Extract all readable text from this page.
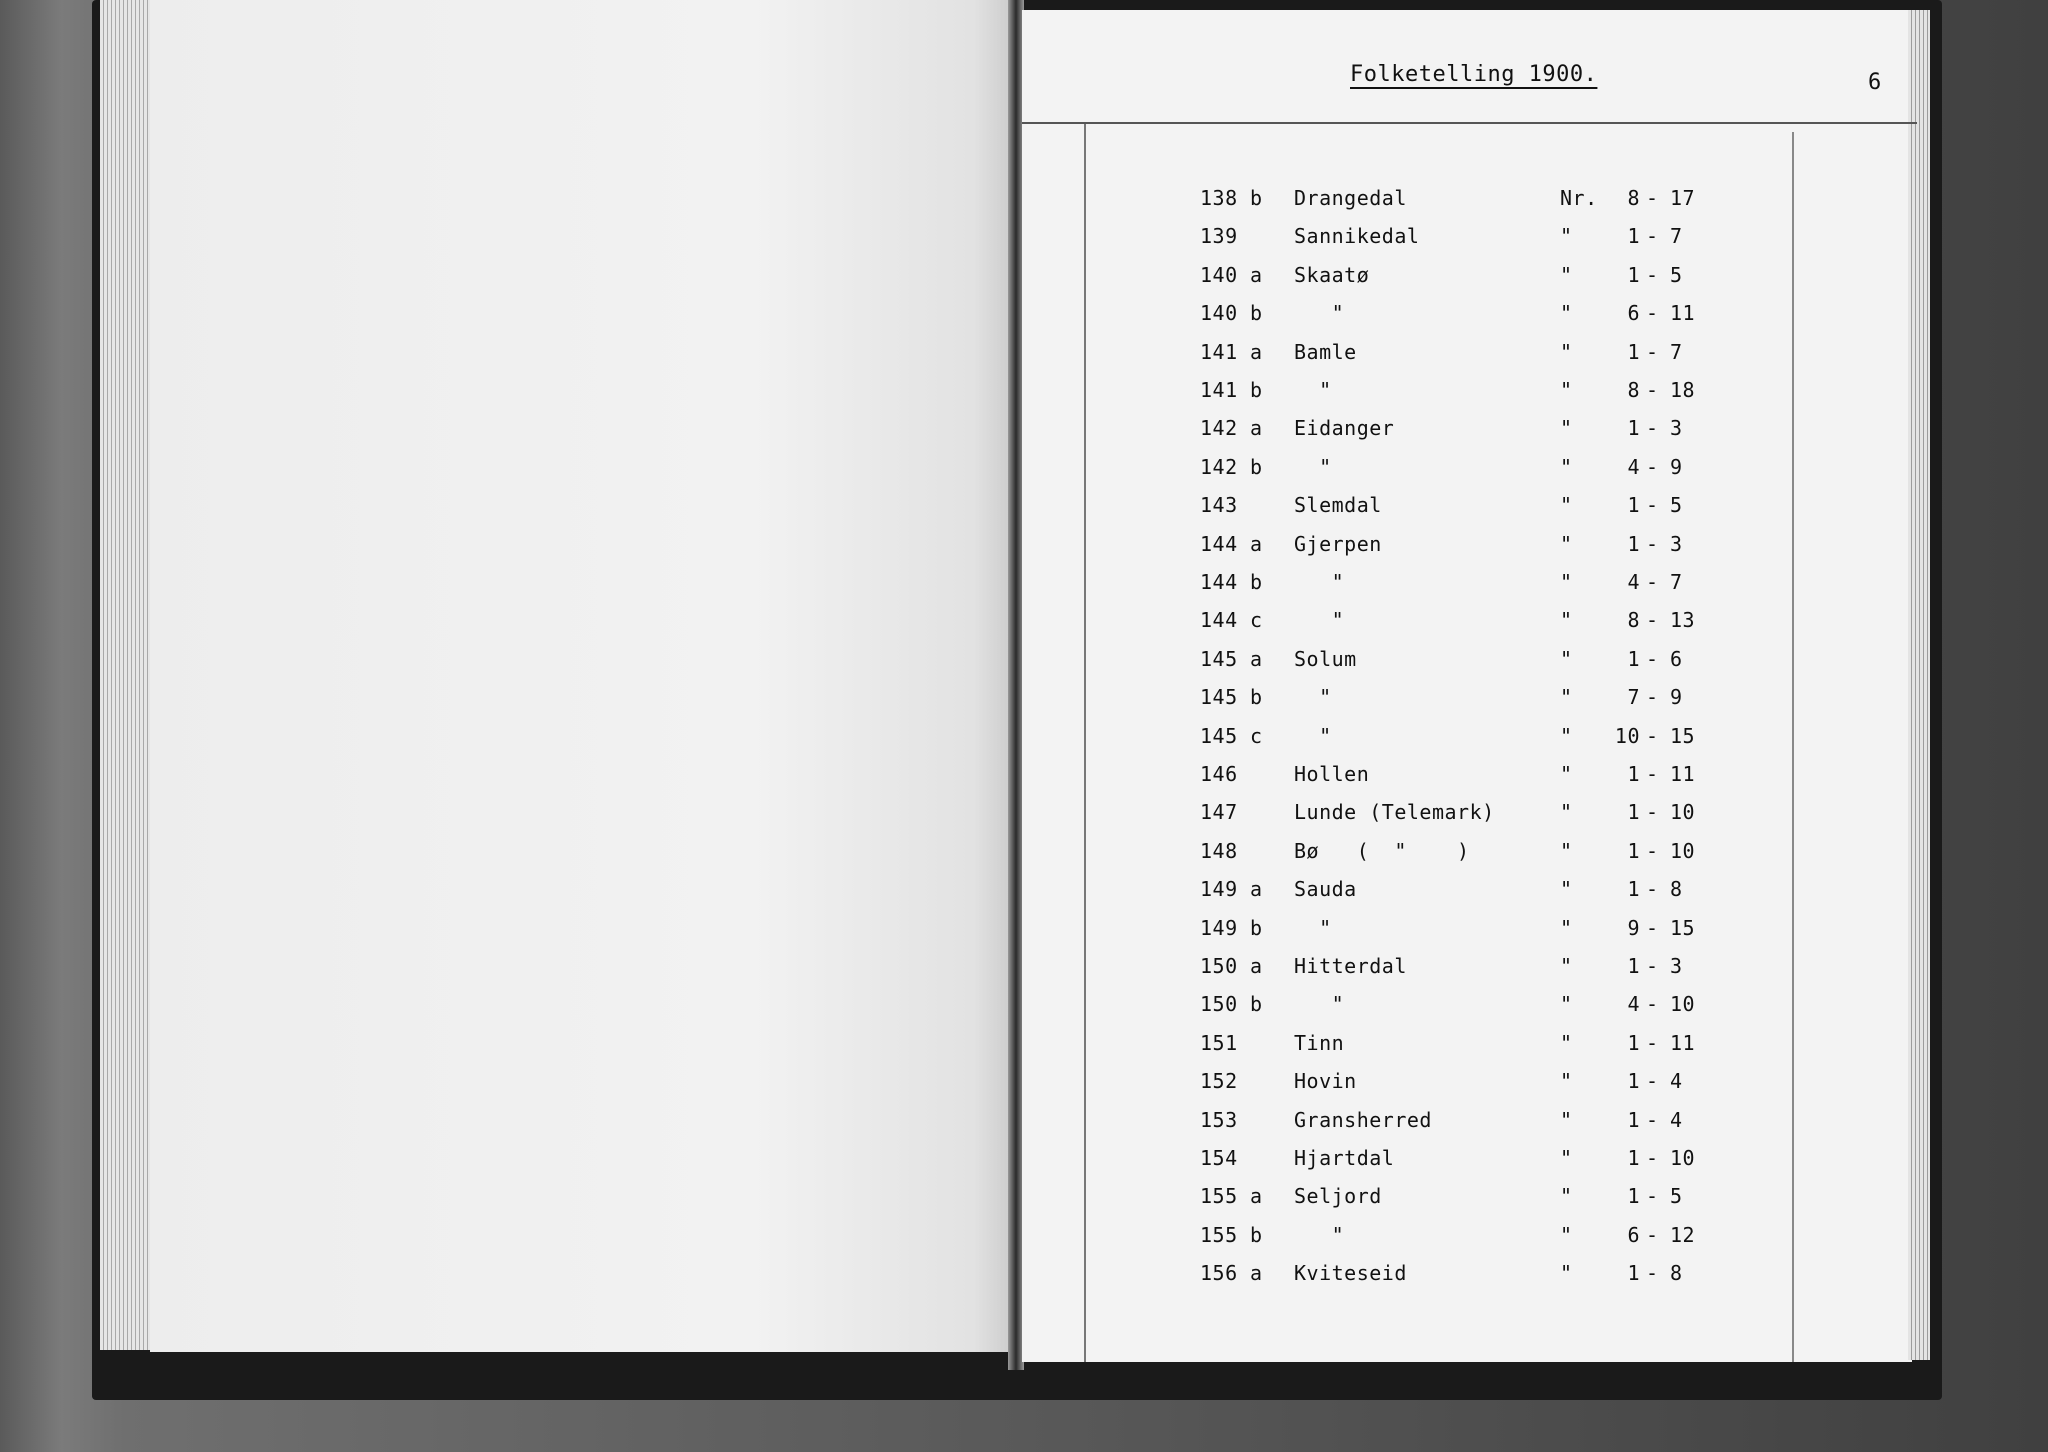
Folketelling 1900.	6
138 b Drangedal	Nr.	8 - 17
139	Sannikedal	"	1 - 7
140 a Skaatø	"	1 - 5
140 b "	"	6 - 11
141 a Bamle	"	1 - 7
141 b "	"	8 - 18
142 a Eidanger	"	1 - 3
142 b "	"	4 - 9
143	Slemdal	"	1 - 5
144 a Gjerpen	"	1 - 3
144 b "	"	4 - 7
144 c "	"	8 - 13
145 a Solum	"	1 - 6
145 b "	"	7 - 9
145 c "	"	10 - 15
146	Hollen	"	1 - 11
147	Lunde (Telemark)	"	1 - 10
148	Bø   (  "    )	"	1 - 10
149 a Sauda	"	1 - 8
149 b "	"	9 - 15
150 a Hitterdal	"	1 - 3
150 b "	"	4 - 10
151	Tinn	"	1 - 11
152	Hovin	"	1 - 4
153	Gransherred	"	1 - 4
154	Hjartdal	"	1 - 10
155 a Seljord	"	1 - 5
155 b "	"	6 - 12
156 a Kviteseid	"	1 - 8
